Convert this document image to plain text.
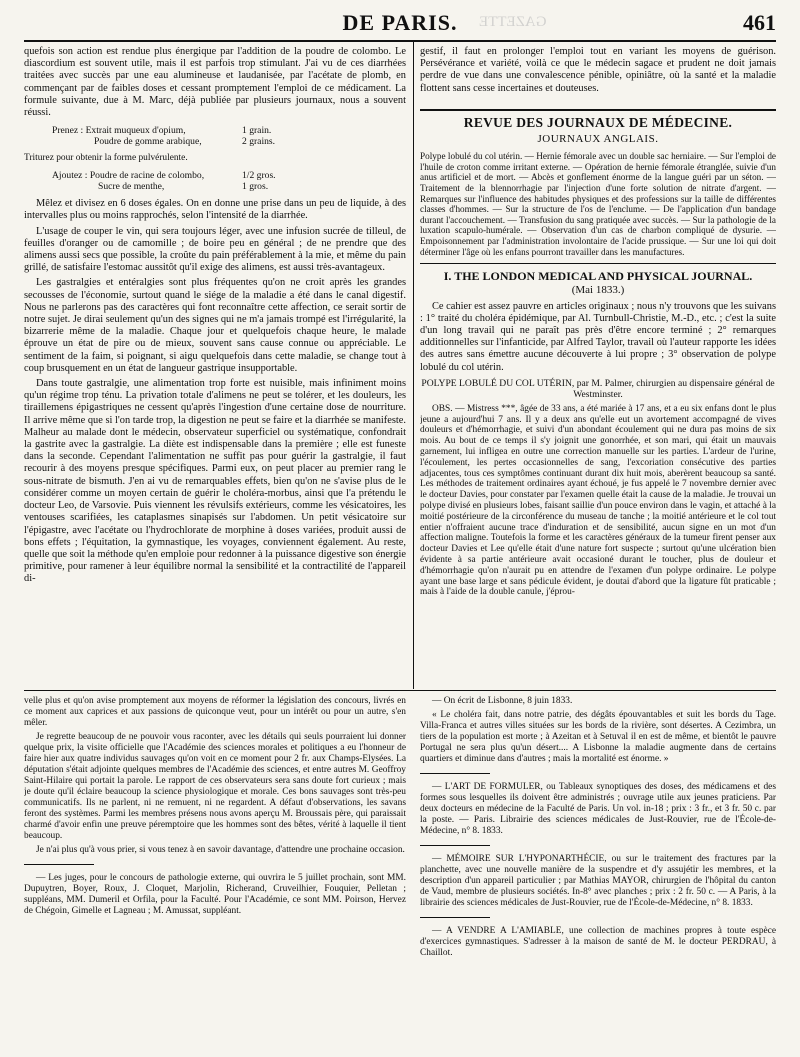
DE PARIS.	GAZETTE	461

quefois son action est rendue plus énergique par l'addition de la poudre de colombo. Le diascordium est souvent utile, mais il est parfois trop stimulant. J'ai vu de ces diarrhées traitées avec succès par une eau alumineuse et laudanisée, par l'acétate de plomb, en commençant par de faibles doses et cessant promptement l'emploi de ce médicament. La formule suivante, due à M. Marc, déjà publiée par plusieurs journaux, nous a souvent réussi.

Prenez : Extrait muqueux d'opium,	1 grain.
Poudre de gomme arabique,	2 grains.

Triturez pour obtenir la forme pulvérulente.

Ajoutez : Poudre de racine de colombo,	1/2 gros.
Sucre de menthe,	1 gros.

Mêlez et divisez en 6 doses égales. On en donne une prise dans un peu de liquide, à des intervalles plus ou moins rapprochés, selon l'intensité de la diarrhée.

L'usage de couper le vin, qui sera toujours léger, avec une infusion sucrée de tilleul, de feuilles d'oranger ou de camomille ; de boire peu en général ; de ne prendre que des alimens aussi secs que possible, la croûte du pain préférablement à la mie, et même du pain grillé, de satisfaire l'estomac aussitôt qu'il exige des alimens, est aussi très-avantageux.

Les gastralgies et entéralgies sont plus fréquentes qu'on ne croit après les grandes secousses de l'économie, surtout quand le siége de la maladie a été dans le canal digestif. Nous ne parlerons pas des caractères qui font reconnaître cette affection, ce serait sortir de notre sujet. Je dirai seulement qu'un des signes qui ne m'a jamais trompé est l'irrégularité, la bizarrerie même de la maladie. Chaque jour et quelquefois chaque heure, le malade éprouve un état de pire ou de mieux, souvent sans cause connue ou appréciable. Le sentiment de la faim, si poignant, si aigu quelquefois dans cette maladie, se change tout à coup brusquement en un état de langueur gastrique insupportable.

Dans toute gastralgie, une alimentation trop forte est nuisible, mais infiniment moins qu'un régime trop ténu. La privation totale d'alimens ne peut se tolérer, et les douleurs, les tiraillemens épigastriques ne cessent qu'après l'ingestion d'une certaine dose de nourriture. Il arrive même que si l'on tarde trop, la digestion ne peut se faire et la diarrhée se manifeste. Malheur au malade dont le médecin, observateur superficiel ou systématique, confondrait la gastrite avec la gastralgie. La diète est indispensable dans la première ; elle est funeste dans la seconde. Cependant l'alimentation ne suffit pas pour guérir la gastralgie, il faut recourir à des moyens presque spécifiques. Parmi eux, on peut placer au premier rang le sous-nitrate de bismuth. J'en ai vu de remarquables effets, bien qu'on ne s'avise plus de le considérer comme un moyen certain de guérir le choléra-morbus, ainsi que l'a prétendu le docteur Leo, de Varsovie. Puis viennent les révulsifs extérieurs, comme les vésicatoires, les ventouses scarifiées, les cataplasmes sinapisés sur l'abdomen. Un petit vésicatoire sur l'épigastre, avec l'acétate ou l'hydrochlorate de morphine à doses variées, produit aussi de bons effets ; l'équitation, la gymnastique, les voyages, conviennent également. Au reste, quelle que soit la méthode qu'en emploie pour redonner à la puissance digestive son énergie primitive, pour ramener à leur équilibre normal la sensibilité et la contractilité de l'appareil di-

gestif, il faut en prolonger l'emploi tout en variant les moyens de guérison. Persévérance et variété, voilà ce que le médecin sagace et prudent ne doit jamais perdre de vue dans une convalescence pénible, opiniâtre, où la santé et la maladie flottent sans cesse incertaines et douteuses.

REVUE DES JOURNAUX DE MÉDECINE.
JOURNAUX ANGLAIS.
Polype lobulé du col utérin. — Hernie fémorale avec un double sac herniaire. — Sur l'emploi de l'huile de croton comme irritant externe. — Opération de hernie fémorale étranglée, suivie d'un anus artificiel et de mort. — Abcès et gonflement énorme de la langue guéri par un séton. — Traitement de la blennorrhagie par l'injection d'une forte solution de nitrate d'argent. — Remarques sur l'influence des habitudes physiques et des professions sur la taille de différentes classes d'hommes. — Sur la structure de l'os de l'enclume. — De l'application d'un bandage durant l'accouchement. — Transfusion du sang pratiquée avec succès. — Sur la pathologie de la luxation scapulo-humérale. — Observation d'un cas de charbon compliqué de dysurie. — Empoisonnement par l'administration involontaire de l'acide prussique. — Sur une loi qui doit déterminer l'âge où les enfans pourront travailler dans les manufactures.
I. THE LONDON MEDICAL AND PHYSICAL JOURNAL.
(Mai 1833.)

Ce cahier est assez pauvre en articles originaux ; nous n'y trouvons que les suivans : 1° traité du choléra épidémique, par Al. Turnbull-Christie, M.-D., etc. ; c'est la suite d'un long travail qui ne paraît pas près d'être encore terminé ; 2° remarques additionnelles sur l'infanticide, par Alfred Taylor, travail où l'auteur rapporte les idées des autres sans émettre aucune découverte à lui propre ; 3° observation de polype lobulé du col utérin.

POLYPE LOBULÉ DU COL UTÉRIN, par M. Palmer, chirurgien au dispensaire général de Westminster.

OBS. — Mistress ***, âgée de 33 ans, a été mariée à 17 ans, et a eu six enfans dont le plus jeune a aujourd'hui 7 ans. Il y a deux ans qu'elle eut un avortement accompagné de vives douleurs et d'hémorrhagie, et suivi d'un abondant écoulement qui ne dura pas moins de six mois. Au bout de ce temps il s'y joignit une gonorrhée, et son mari, qui était un mauvais garnement, lui infligea en outre une correction manuelle sur les parties. L'ardeur de l'urine, l'écoulement, les pertes occasionnelles de sang, l'excoriation consécutive des parties adjacentes, tous ces symptômes continuant durant dix huit mois, aberèrent beaucoup sa santé. Les méthodes de traitement ordinaires ayant échoué, je fus appelé le 7 novembre dernier avec le docteur Davies, pour constater par l'examen quelle était la cause de la maladie. Je trouvai un polype divisé en plusieurs lobes, faisant saillie d'un pouce environ dans le vagin, et attaché à la moitié postérieure de la circonférence du museau de tanche ; la moitié antérieure et le col tout entier n'offraient aucune trace d'induration et de sensibilité, aucun signe en un mot d'un affection maligne. Toutefois la forme et les caractères généraux de la tumeur firent penser aux docteur Davies et Lee qu'elle était d'une nature fort suspecte ; surtout qu'une ulcération bien évidente à sa partie antérieure avait occasioné durant le toucher, plus de douleur et d'hémorrhagie qu'on n'aurait pu en attendre de l'examen d'un polype ordinaire. Le polype ayant une base large et sans pédicule évident, je doutai d'abord que la ligature fût praticable ; mais à l'aide de la double canule, j'éprou-

velle plus et qu'on avise promptement aux moyens de réformer la législation des concours, livrés en ce moment aux caprices et aux passions de quiconque veut, pour un intérêt ou pour un autre, s'en mêler.

Je regrette beaucoup de ne pouvoir vous raconter, avec les détails qui seuls pourraient lui donner quelque prix, la visite officielle que l'Académie des sciences morales et politiques a eu l'honneur de faire hier aux quatre individus sauvages qu'on voit en ce moment pour 2 fr. aux Champs-Elysées. La députation s'était adjointe quelques membres de l'Académie des sciences, et entre autres M. Geoffroy Saint-Hilaire qui portait la parole. Le rapport de ces observateurs sera sans doute fort curieux ; mais je doute qu'il éclaire beaucoup la science physiologique et morale. Ces bons sauvages sont très-peu communicatifs. Ils ne parlent, ni ne remuent, ni ne regardent. A défaut d'observations, les savans feront des systèmes. Parmi les membres présens nous avons aperçu M. Broussais père, qui paraissait charmé d'avoir enfin une preuve péremptoire que les hommes sont des bêtes, vérité à laquelle il tient beaucoup.

Je n'ai plus qu'à vous prier, si vous tenez à en savoir davantage, d'attendre une prochaine occasion.

— Les juges, pour le concours de pathologie externe, qui ouvrira le 5 juillet prochain, sont MM. Dupuytren, Boyer, Roux, J. Cloquet, Marjolin, Richerand, Cruveilhier, Fouquier, Pelletan ; suppléans, MM. Dumeril et Orfila, pour la Faculté. Pour l'Académie, ce sont MM. Poirson, Hervez de Chégoin, Gimelle et Lagneau ; M. Amussat, suppléant.

— On écrit de Lisbonne, 8 juin 1833.

« Le choléra fait, dans notre patrie, des dégâts épouvantables et suit les bords du Tage. Villa-Franca et autres villes situées sur les bords de la rivière, sont désertes. A Cezimbra, un tiers de la population est morte ; à Azeitan et à Setuval il en est de même, et bientôt le pauvre Portugal ne sera plus qu'un désert.... A Lisbonne la maladie augmente dans de certains quartiers et diminue dans d'autres ; mais la mortalité est énorme. »

— L'ART DE FORMULER, ou Tableaux synoptiques des doses, des médicamens et des formes sous lesquelles ils doivent être administrés ; ouvrage utile aux jeunes praticiens. Par deux docteurs en médecine de la Faculté de Paris. Un vol. in-18 ; prix : 3 fr., et 3 fr. 50 c. par la poste. — Paris. Librairie des sciences médicales de Just-Rouvier, rue de l'École-de-Médecine, n° 8. 1833.

— MÉMOIRE SUR L'HYPONARTHÉCIE, ou sur le traitement des fractures par la planchette, avec une nouvelle manière de la suspendre et d'y assujétir les membres, et la description d'un appareil particulier ; par Mathias MAYOR, chirurgien de l'hôpital du canton de Vaud, membre de plusieurs sociétés. In-8° avec planches ; prix : 2 fr. 50 c. — A Paris, à la librairie des sciences médicales de Just-Rouvier, rue de l'École-de-Médecine, n° 8. 1833.

— A VENDRE A L'AMIABLE, une collection de machines propres à toute espèce d'exercices gymnastiques. S'adresser à la maison de santé de M. le docteur PERDRAU, à Chaillot.
